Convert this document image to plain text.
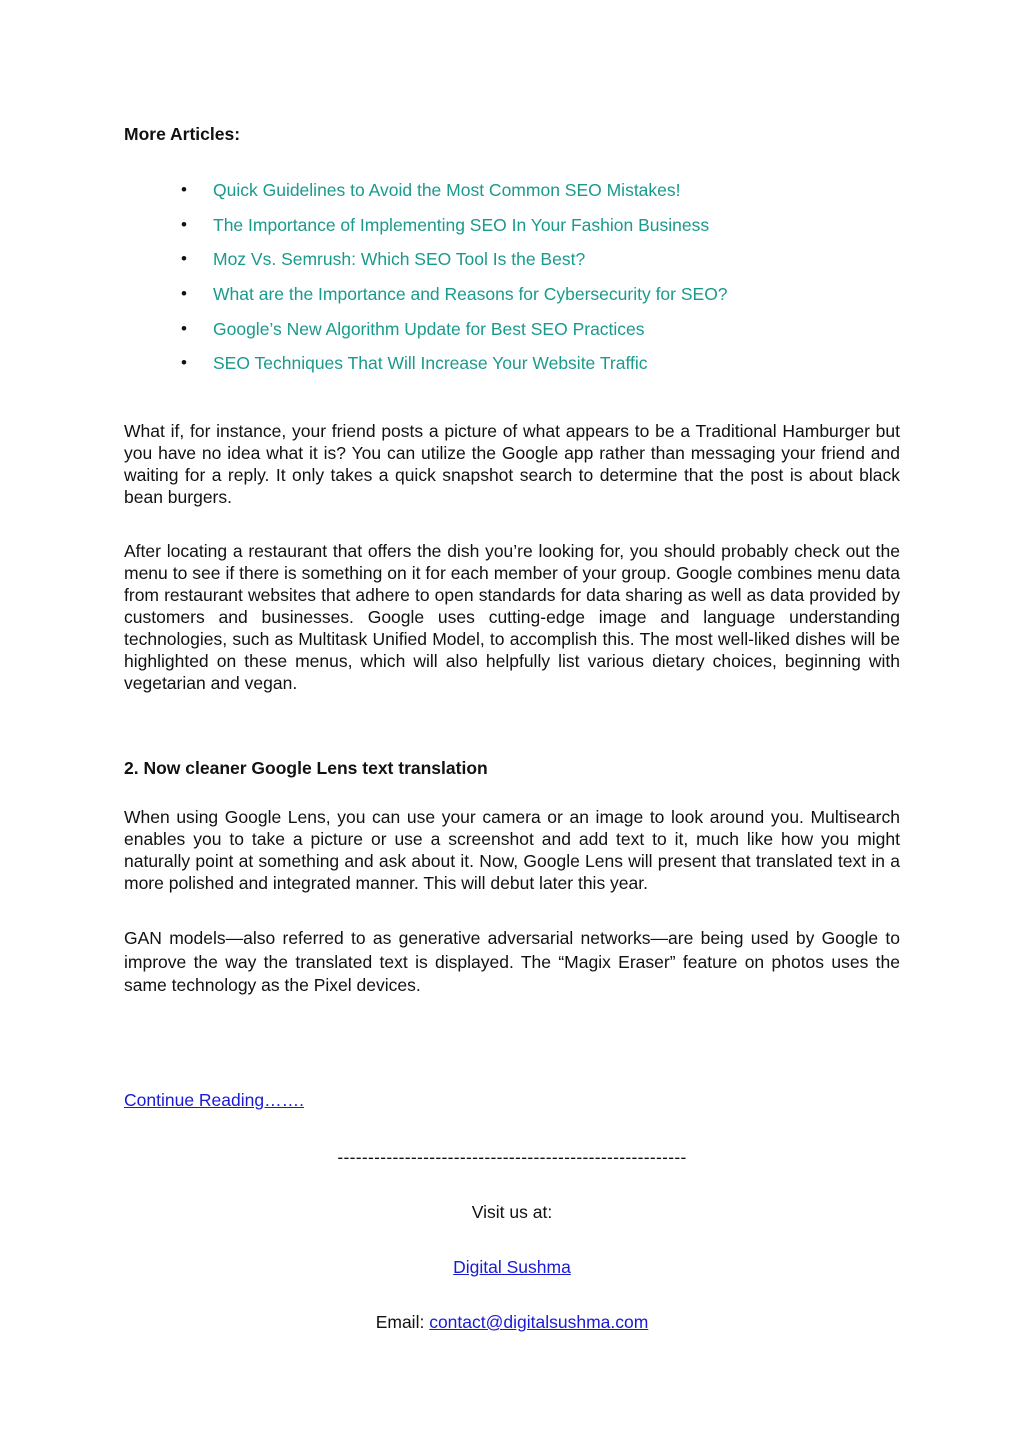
More Articles:
• Quick Guidelines to Avoid the Most Common SEO Mistakes!
• The Importance of Implementing SEO In Your Fashion Business
• Moz Vs. Semrush: Which SEO Tool Is the Best?
• What are the Importance and Reasons for Cybersecurity for SEO?
• Google’s New Algorithm Update for Best SEO Practices
• SEO Techniques That Will Increase Your Website Traffic

What if, for instance, your friend posts a picture of what appears to be a Traditional Hamburger but you have no idea what it is? You can utilize the Google app rather than messaging your friend and waiting for a reply. It only takes a quick snapshot search to determine that the post is about black bean burgers.

After locating a restaurant that offers the dish you’re looking for, you should probably check out the menu to see if there is something on it for each member of your group. Google combines menu data from restaurant websites that adhere to open standards for data sharing as well as data provided by customers and businesses. Google uses cutting-edge image and language understanding technologies, such as Multitask Unified Model, to accomplish this. The most well-liked dishes will be highlighted on these menus, which will also helpfully list various dietary choices, beginning with vegetarian and vegan.

2. Now cleaner Google Lens text translation

When using Google Lens, you can use your camera or an image to look around you. Multisearch enables you to take a picture or use a screenshot and add text to it, much like how you might naturally point at something and ask about it. Now, Google Lens will present that translated text in a more polished and integrated manner. This will debut later this year.

GAN models—also referred to as generative adversarial networks—are being used by Google to improve the way the translated text is displayed. The “Magix Eraser” feature on photos uses the same technology as the Pixel devices.

Continue Reading…….

---------------------------------------------------------

Visit us at:

Digital Sushma

Email: contact@digitalsushma.com
